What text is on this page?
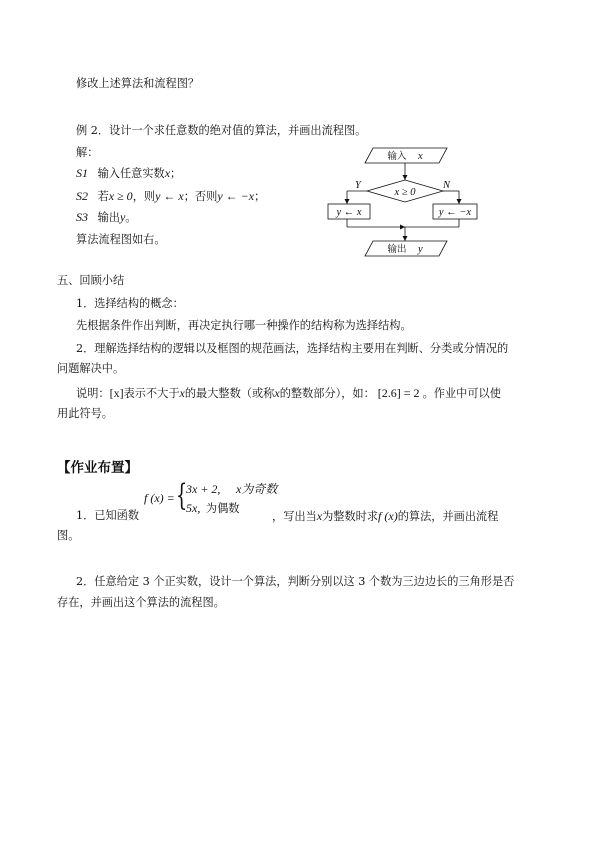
修改上述算法和流程图？
例 2．设计一个求任意数的绝对值的算法，并画出流程图。
解：
S1 输入任意实数x；
S2 若x ≥ 0，则y ← x；否则y ← −x；
S3 输出y。
算法流程图如右。
输入 x
x ≥ 0
Y	N
y ← x	y ← −x
输出 y
五、回顾小结
1．选择结构的概念：
先根据条件作出判断，再决定执行哪一种操作的结构称为选择结构。
2．理解选择结构的逻辑以及框图的规范画法，选择结构主要用在判断、分类或分情况的
问题解决中。
说明：[x]表示不大于x的最大整数（或称x的整数部分），如： [2.6] = 2 。作业中可以使
用此符号。
【作业布置】
1．已知函数
f (x) = {
3x + 2, x为奇数
5x, 为偶数
，写出当x为整数时求f (x)的算法，并画出流程
图。
2．任意给定 3 个正实数，设计一个算法，判断分别以这 3 个数为三边边长的三角形是否
存在，并画出这个算法的流程图。
